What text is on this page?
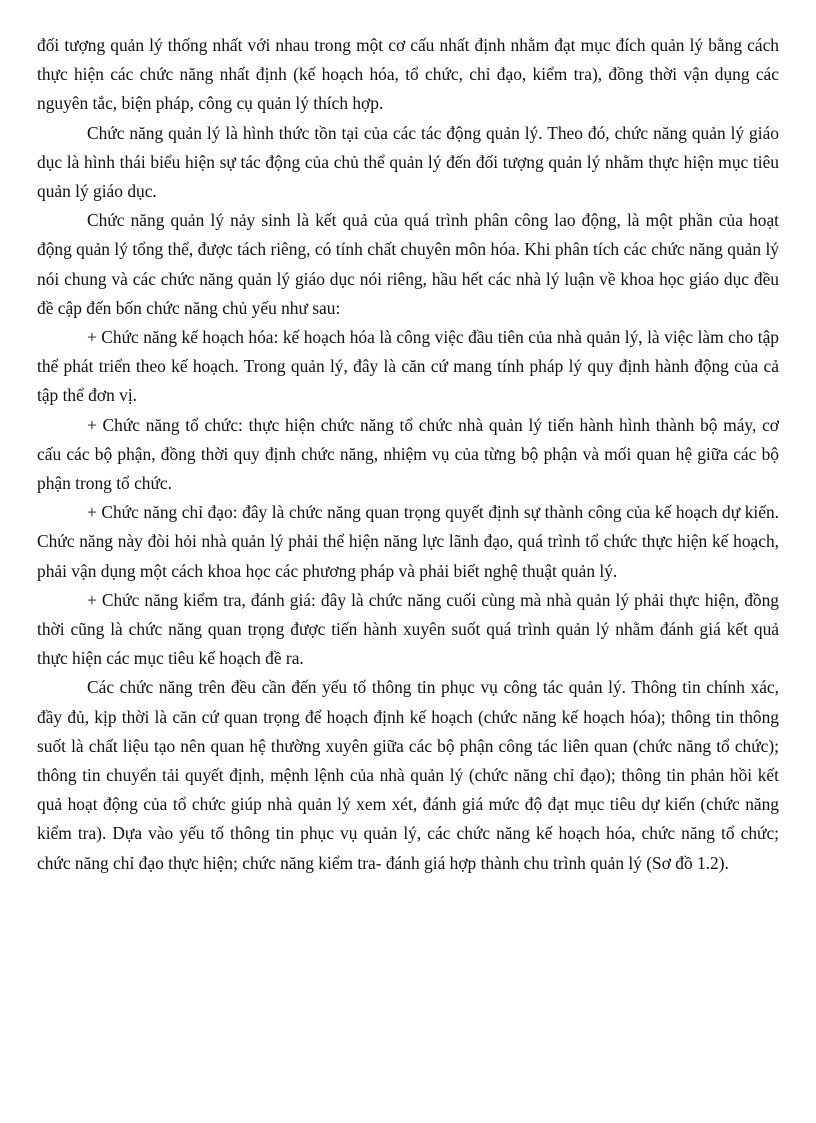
đối tượng quản lý thống nhất với nhau trong một cơ cấu nhất định nhằm đạt mục đích quản lý bằng cách thực hiện các chức năng nhất định (kế hoạch hóa, tổ chức, chỉ đạo, kiểm tra), đồng thời vận dụng các nguyên tắc, biện pháp, công cụ quản lý thích hợp.

Chức năng quản lý là hình thức tồn tại của các tác động quản lý. Theo đó, chức năng quản lý giáo dục là hình thái biểu hiện sự tác động của chủ thể quản lý đến đối tượng quản lý nhằm thực hiện mục tiêu quản lý giáo dục.

Chức năng quản lý nảy sinh là kết quả của quá trình phân công lao động, là một phần của hoạt động quản lý tổng thể, được tách riêng, có tính chất chuyên môn hóa. Khi phân tích các chức năng quản lý nói chung và các chức năng quản lý giáo dục nói riêng, hầu hết các nhà lý luận về khoa học giáo dục đều đề cập đến bốn chức năng chủ yếu như sau:

+ Chức năng kế hoạch hóa: kế hoạch hóa là công việc đầu tiên của nhà quản lý, là việc làm cho tập thể phát triển theo kế hoạch. Trong quản lý, đây là căn cứ mang tính pháp lý quy định hành động của cả tập thể đơn vị.

+ Chức năng tổ chức: thực hiện chức năng tổ chức nhà quản lý tiến hành hình thành bộ máy, cơ cấu các bộ phận, đồng thời quy định chức năng, nhiệm vụ của từng bộ phận và mối quan hệ giữa các bộ phận trong tổ chức.

+ Chức năng chỉ đạo: đây là chức năng quan trọng quyết định sự thành công của kế hoạch dự kiến. Chức năng này đòi hỏi nhà quản lý phải thể hiện năng lực lãnh đạo, quá trình tổ chức thực hiện kế hoạch, phải vận dụng một cách khoa học các phương pháp và phải biết nghệ thuật quản lý.

+ Chức năng kiểm tra, đánh giá: đây là chức năng cuối cùng mà nhà quản lý phải thực hiện, đồng thời cũng là chức năng quan trọng được tiến hành xuyên suốt quá trình quản lý nhằm đánh giá kết quả thực hiện các mục tiêu kế hoạch đề ra.

Các chức năng trên đều cần đến yếu tố thông tin phục vụ công tác quản lý. Thông tin chính xác, đầy đủ, kịp thời là căn cứ quan trọng để hoạch định kế hoạch (chức năng kế hoạch hóa); thông tin thông suốt là chất liệu tạo nên quan hệ thường xuyên giữa các bộ phận công tác liên quan (chức năng tổ chức); thông tin chuyển tải quyết định, mệnh lệnh của nhà quản lý (chức năng chỉ đạo); thông tin phản hồi kết quả hoạt động của tổ chức giúp nhà quản lý xem xét, đánh giá mức độ đạt mục tiêu dự kiến (chức năng kiểm tra). Dựa vào yếu tố thông tin phục vụ quản lý, các chức năng kế hoạch hóa, chức năng tổ chức; chức năng chỉ đạo thực hiện; chức năng kiểm tra- đánh giá hợp thành chu trình quản lý (Sơ đồ 1.2).
